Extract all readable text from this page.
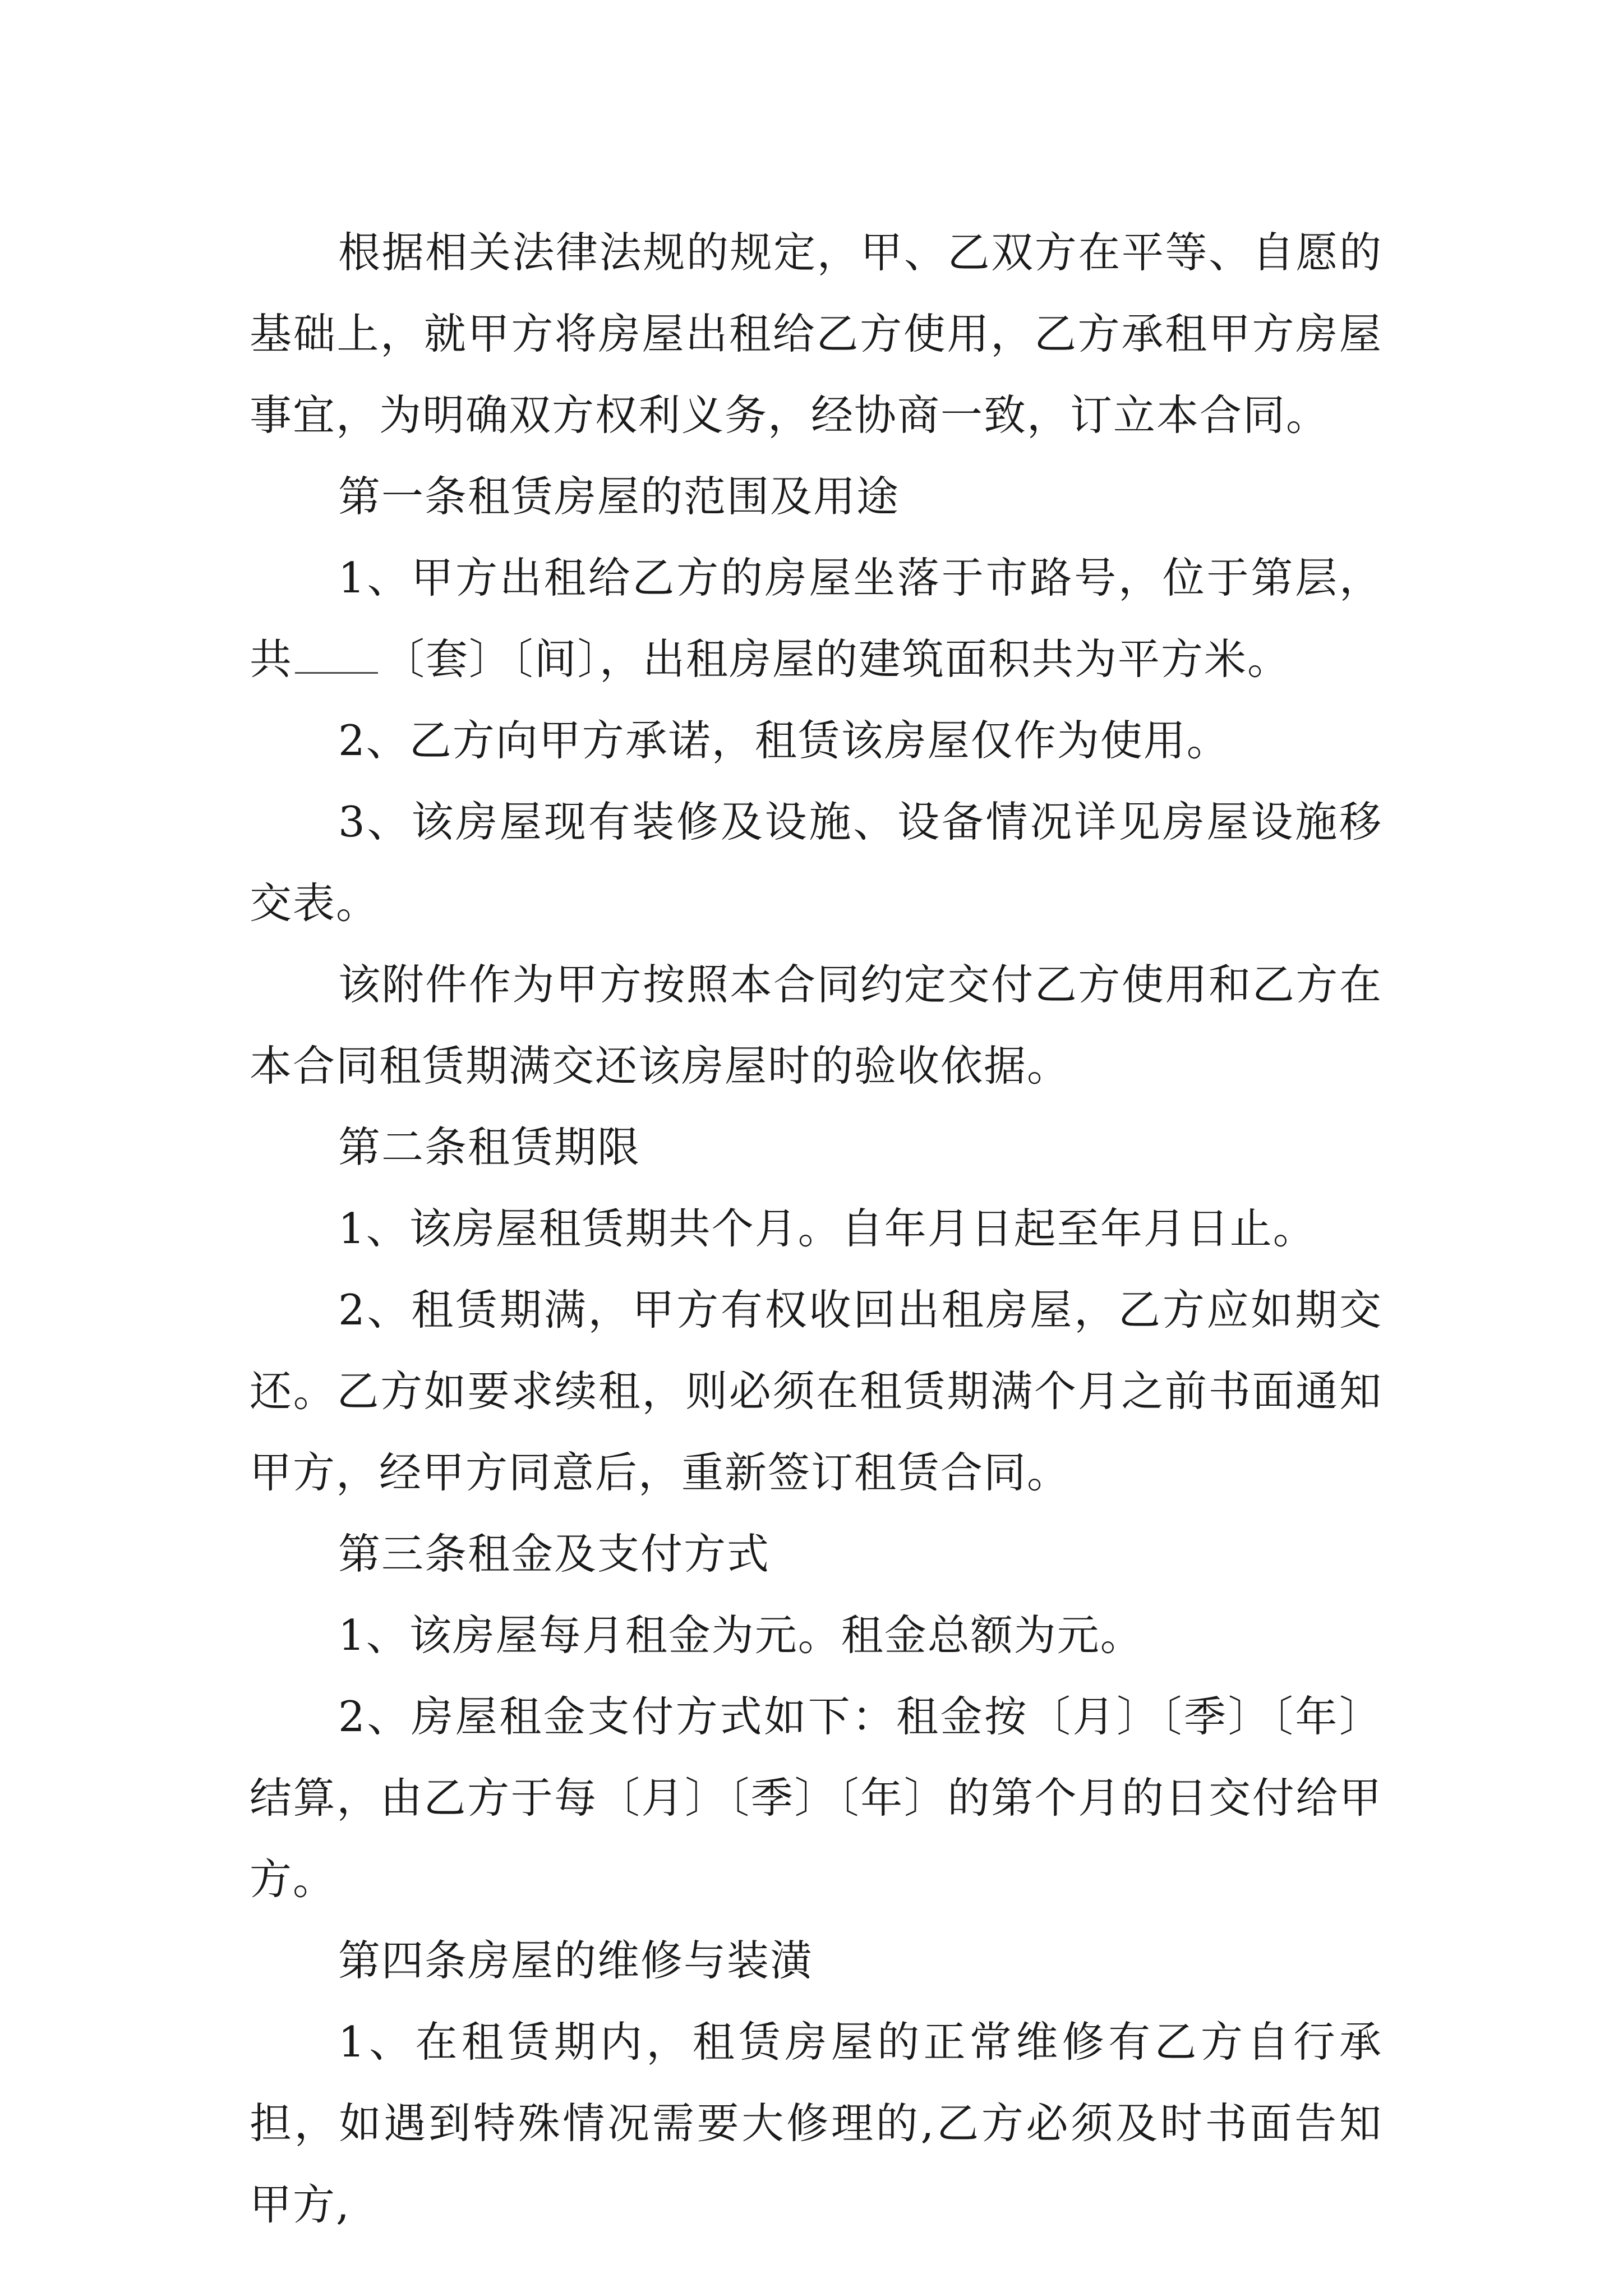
根据相关法律法规的规定，甲、乙双方在平等、自愿的基础上，就甲方将房屋出租给乙方使用，乙方承租甲方房屋事宜，为明确双方权利义务，经协商一致，订立本合同。

第一条租赁房屋的范围及用途

1、甲方出租给乙方的房屋坐落于市路号，位于第层，共 〔套〕〔间〕，出租房屋的建筑面积共为平方米。

2、乙方向甲方承诺，租赁该房屋仅作为使用。

3、该房屋现有装修及设施、设备情况详见房屋设施移交表。

该附件作为甲方按照本合同约定交付乙方使用和乙方在本合同租赁期满交还该房屋时的验收依据。

第二条租赁期限

1、该房屋租赁期共个月。自年月日起至年月日止。

2、租赁期满，甲方有权收回出租房屋，乙方应如期交还。乙方如要求续租，则必须在租赁期满个月之前书面通知甲方，经甲方同意后，重新签订租赁合同。

第三条租金及支付方式

1、该房屋每月租金为元。租金总额为元。

2、房屋租金支付方式如下：租金按〔月〕〔季〕〔年〕结算，由乙方于每〔月〕〔季〕〔年〕的第个月的日交付给甲方。

第四条房屋的维修与装潢

1、在租赁期内，租赁房屋的正常维修有乙方自行承担，如遇到特殊情况需要大修理的,乙方必须及时书面告知甲方,
